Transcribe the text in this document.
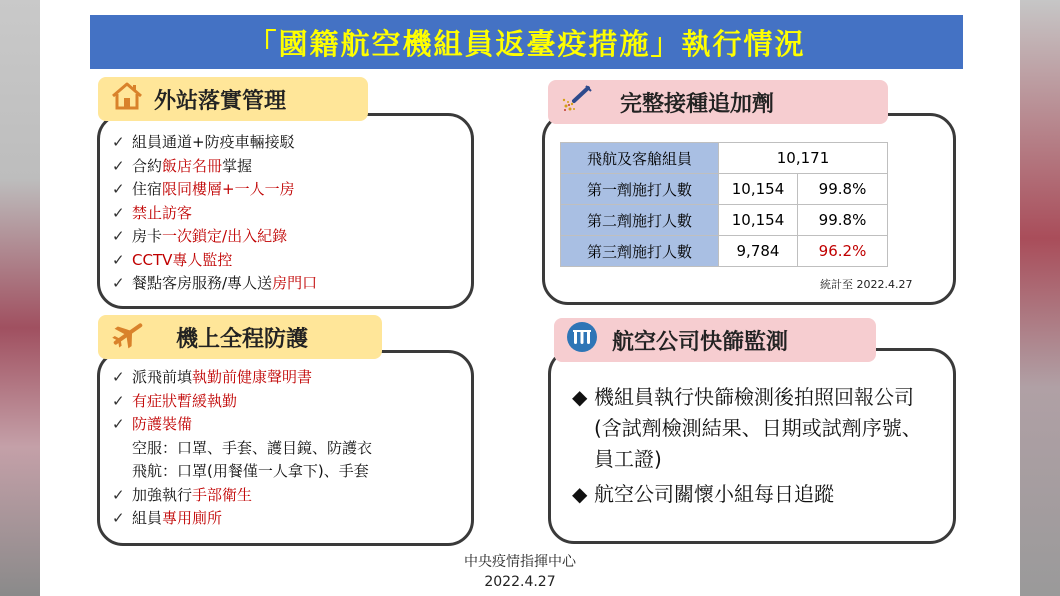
「國籍航空機組員返臺疫措施」執行情況
外站落實管理
✓ 組員通道+防疫車輛接駁
✓ 合約飯店名冊掌握
✓ 住宿限同樓層+一人一房
✓ 禁止訪客
✓ 房卡一次鎖定/出入紀錄
✓ CCTV專人監控
✓ 餐點客房服務/專人送房門口
完整接種追加劑
飛航及客艙組員	10,171	
第一劑施打人數	10,154	99.8%
第二劑施打人數	10,154	99.8%
第三劑施打人數	9,784	96.2%
統計至 2022.4.27
機上全程防護
✓ 派飛前填執勤前健康聲明書
✓ 有症狀暫緩執勤
✓ 防護裝備
空服：口罩、手套、護目鏡、防護衣
飛航：口罩(用餐僅一人拿下)、手套
✓ 加強執行手部衛生
✓ 組員專用廁所
航空公司快篩監測
◆ 機組員執行快篩檢測後拍照回報公司(含試劑檢測結果、日期或試劑序號、員工證)
◆ 航空公司關懷小組每日追蹤
中央疫情指揮中心
2022.4.27
